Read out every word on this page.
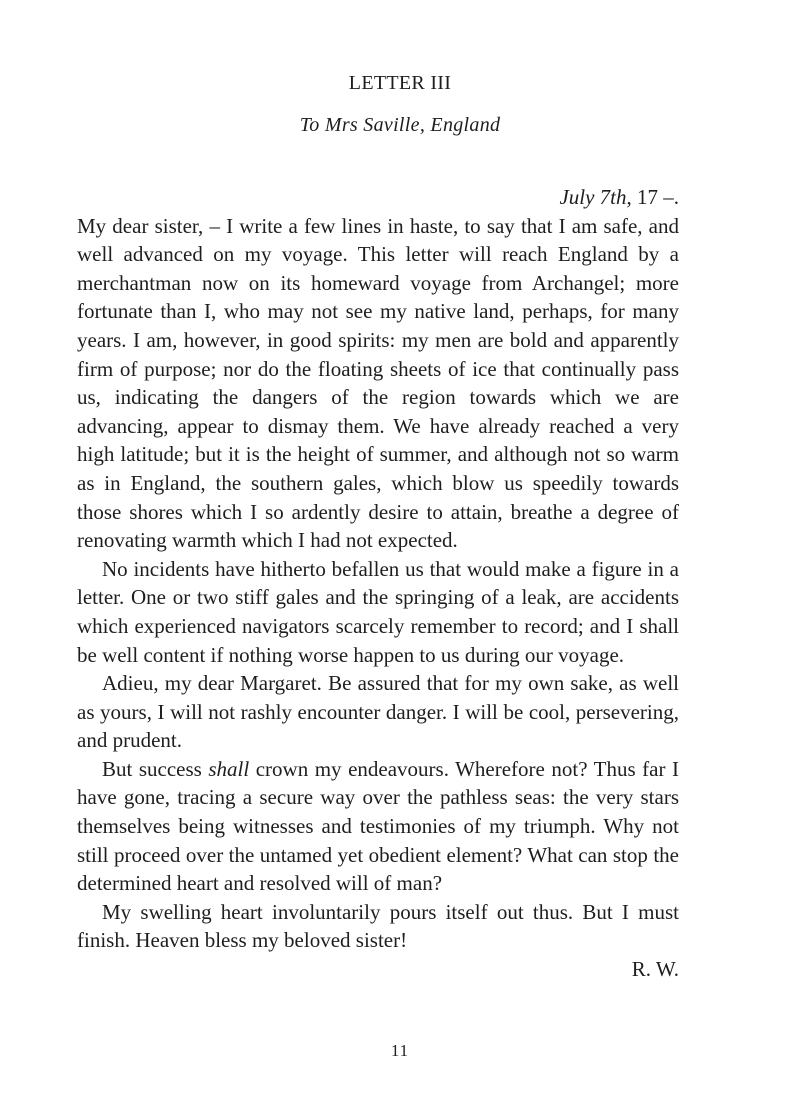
LETTER III
To Mrs Saville, England
July 7th, 17 –.

My dear sister, – I write a few lines in haste, to say that I am safe, and well advanced on my voyage. This letter will reach England by a merchantman now on its homeward voyage from Archangel; more fortunate than I, who may not see my native land, perhaps, for many years. I am, however, in good spirits: my men are bold and apparently firm of purpose; nor do the floating sheets of ice that continually pass us, indicating the dangers of the region towards which we are advancing, appear to dismay them. We have already reached a very high latitude; but it is the height of summer, and although not so warm as in England, the southern gales, which blow us speedily towards those shores which I so ardently desire to attain, breathe a degree of renovating warmth which I had not expected.

No incidents have hitherto befallen us that would make a figure in a letter. One or two stiff gales and the springing of a leak, are accidents which experienced navigators scarcely remember to record; and I shall be well content if nothing worse happen to us during our voyage.

Adieu, my dear Margaret. Be assured that for my own sake, as well as yours, I will not rashly encounter danger. I will be cool, persevering, and prudent.

But success shall crown my endeavours. Wherefore not? Thus far I have gone, tracing a secure way over the pathless seas: the very stars themselves being witnesses and testimonies of my triumph. Why not still proceed over the untamed yet obedient element? What can stop the determined heart and resolved will of man?

My swelling heart involuntarily pours itself out thus. But I must finish. Heaven bless my beloved sister!

R. W.

11
